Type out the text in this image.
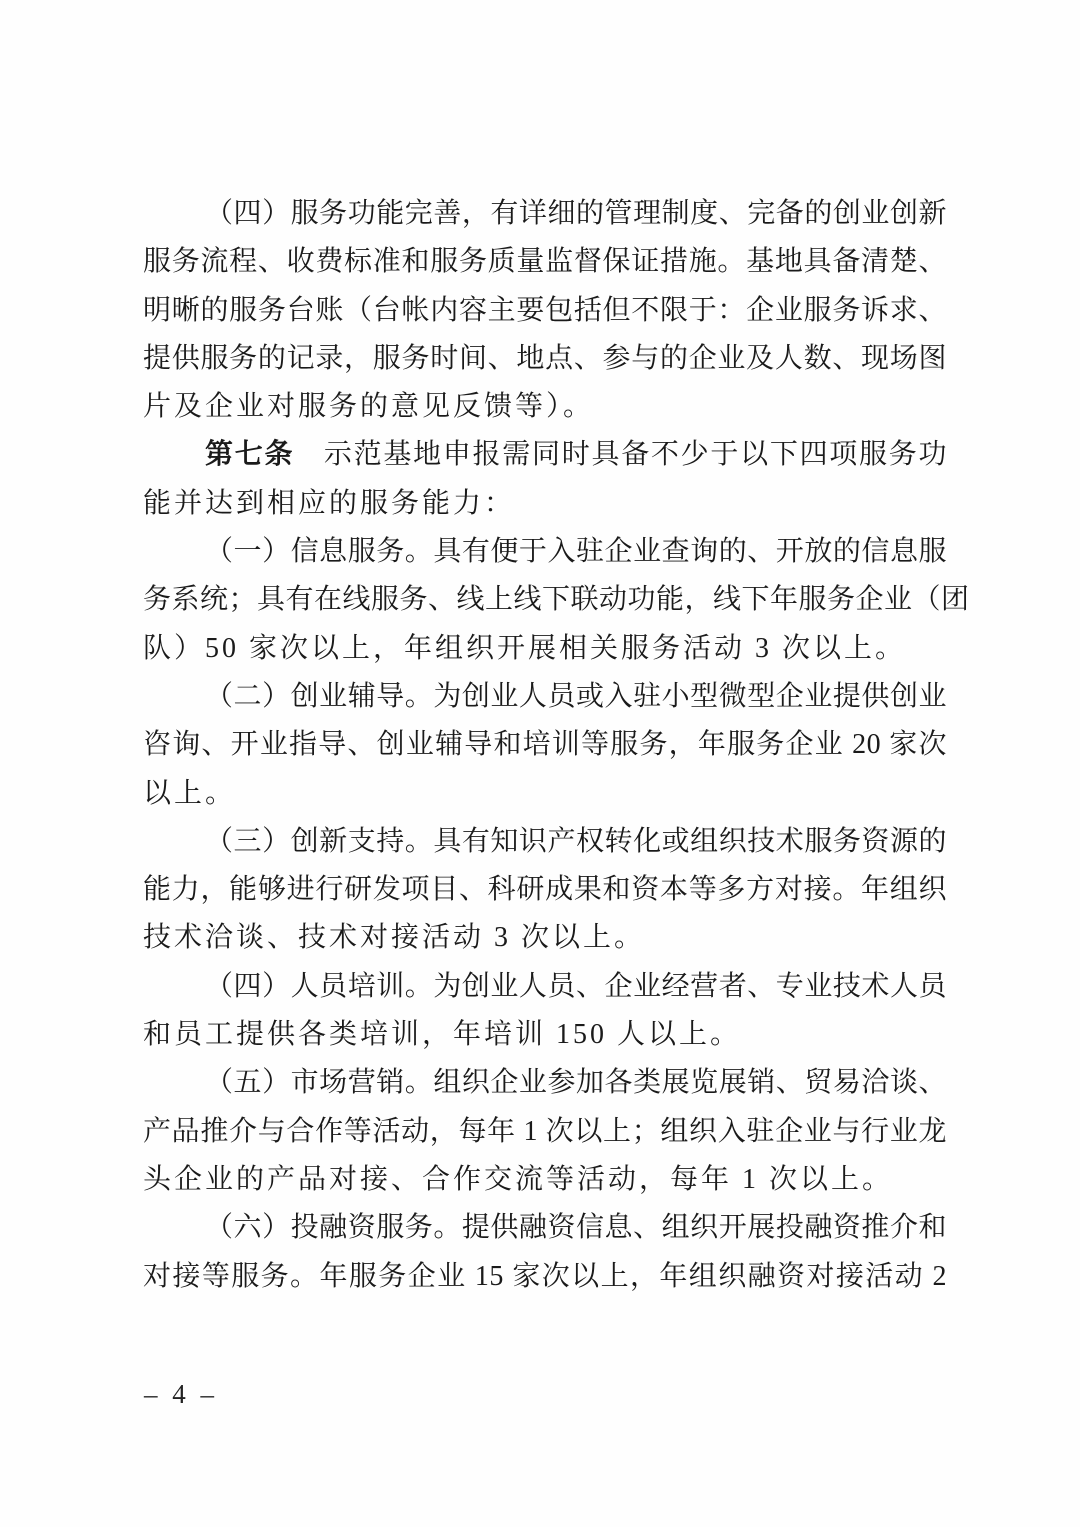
（四）服务功能完善，有详细的管理制度、完备的创业创新
服务流程、收费标准和服务质量监督保证措施。基地具备清楚、
明晰的服务台账（台帐内容主要包括但不限于：企业服务诉求、
提供服务的记录，服务时间、地点、参与的企业及人数、现场图
片及企业对服务的意见反馈等）。
第七条　示范基地申报需同时具备不少于以下四项服务功
能并达到相应的服务能力：
（一）信息服务。具有便于入驻企业查询的、开放的信息服
务系统；具有在线服务、线上线下联动功能，线下年服务企业（团
队）50 家次以上，年组织开展相关服务活动 3 次以上。
（二）创业辅导。为创业人员或入驻小型微型企业提供创业
咨询、开业指导、创业辅导和培训等服务，年服务企业 20 家次
以上。
（三）创新支持。具有知识产权转化或组织技术服务资源的
能力，能够进行研发项目、科研成果和资本等多方对接。年组织
技术洽谈、技术对接活动 3 次以上。
（四）人员培训。为创业人员、企业经营者、专业技术人员
和员工提供各类培训，年培训 150 人以上。
（五）市场营销。组织企业参加各类展览展销、贸易洽谈、
产品推介与合作等活动，每年 1 次以上；组织入驻企业与行业龙
头企业的产品对接、合作交流等活动，每年 1 次以上。
（六）投融资服务。提供融资信息、组织开展投融资推介和
对接等服务。年服务企业 15 家次以上，年组织融资对接活动 2
– 4 –
